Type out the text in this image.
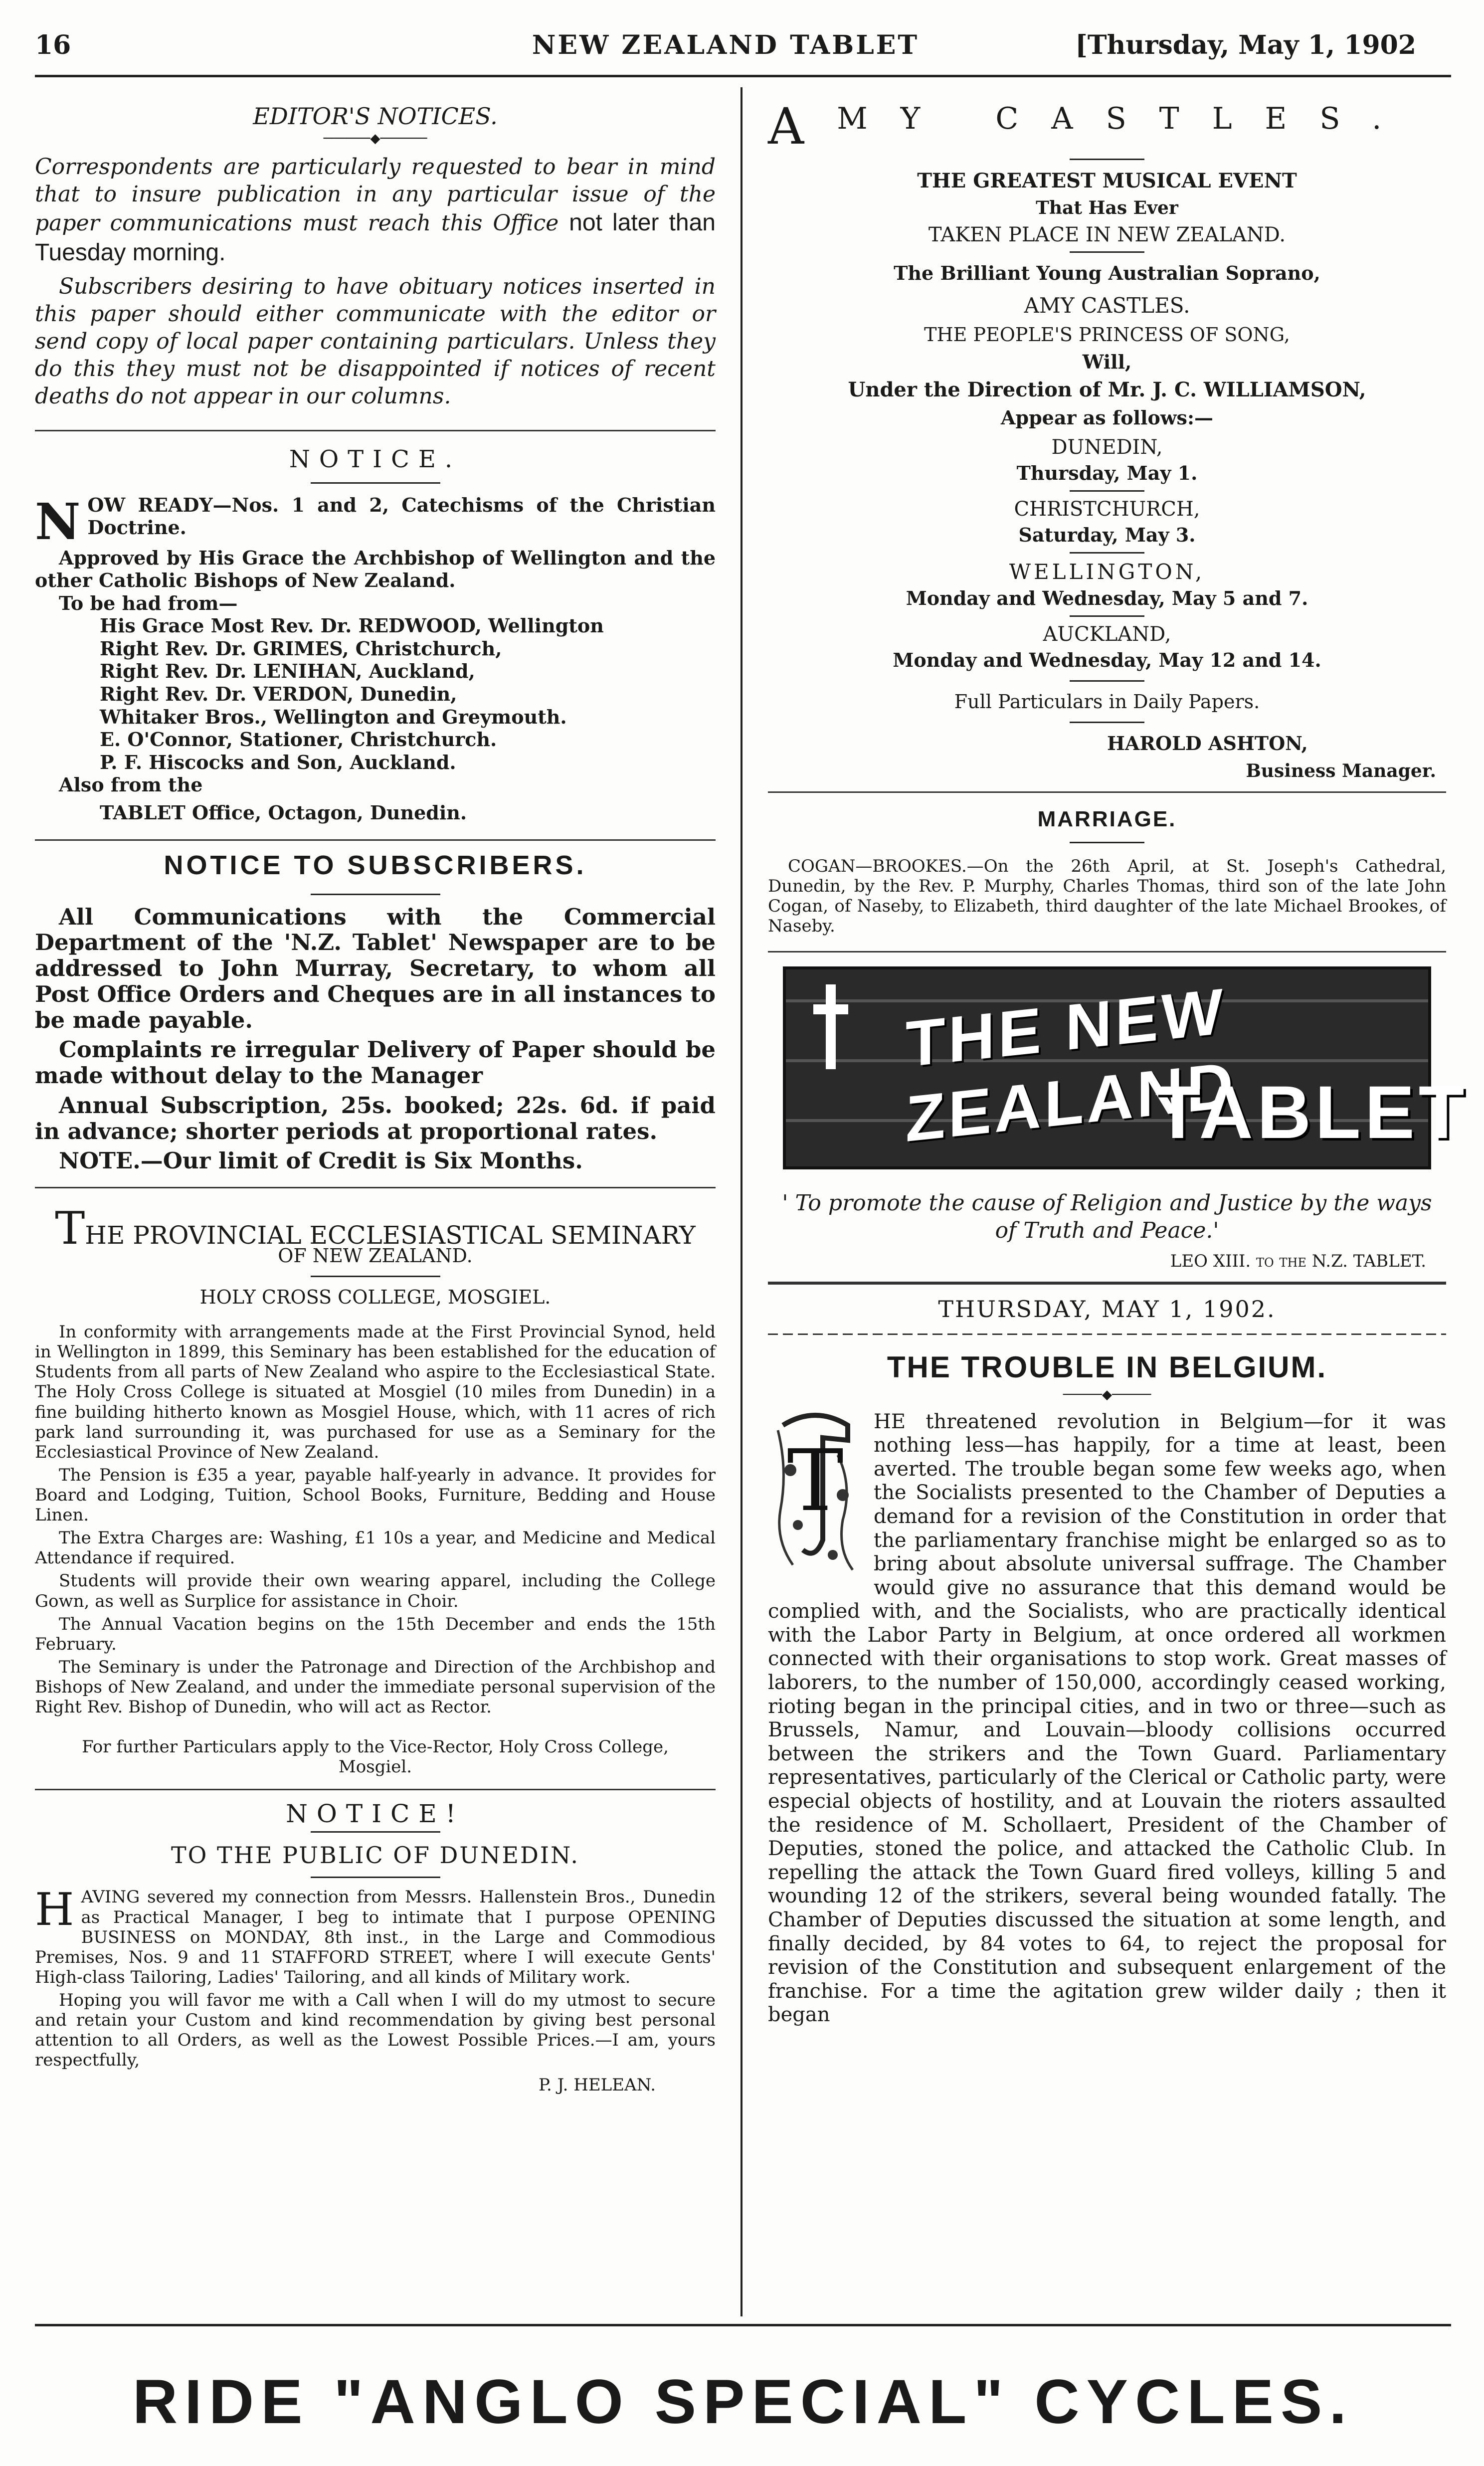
16	NEW ZEALAND TABLET	[Thursday, May 1, 1902

EDITOR'S NOTICES.

──────◆──────

Correspondents are particularly requested to bear in mind that to insure publication in any particular issue of the paper communications must reach this Office not later than Tuesday morning.

Subscribers desiring to have obituary notices inserted in this paper should either communicate with the editor or send copy of local paper containing particulars. Unless they do this they must not be disappointed if notices of recent deaths do not appear in our columns.

NOTICE.

N OW READY—Nos. 1 and 2, Catechisms of the Christian Doctrine.

Approved by His Grace the Archbishop of Wellington and the other Catholic Bishops of New Zealand.

To be had from—

His Grace Most Rev. Dr. REDWOOD, Wellington

Right Rev. Dr. GRIMES, Christchurch,

Right Rev. Dr. LENIHAN, Auckland,

Right Rev. Dr. VERDON, Dunedin,

Whitaker Bros., Wellington and Greymouth.

E. O'Connor, Stationer, Christchurch.

P. F. Hiscocks and Son, Auckland.

Also from the

TABLET Office, Octagon, Dunedin.

NOTICE TO SUBSCRIBERS.

All Communications with the Commercial Department of the 'N.Z. Tablet' Newspaper are to be addressed to John Murray, Secretary, to whom all Post Office Orders and Cheques are in all instances to be made payable.

Complaints re irregular Delivery of Paper should be made without delay to the Manager

Annual Subscription, 25s. booked; 22s. 6d. if paid in advance; shorter periods at proportional rates.

NOTE.—Our limit of Credit is Six Months.

THE PROVINCIAL ECCLESIASTICAL SEMINARY

OF NEW ZEALAND.

HOLY CROSS COLLEGE, MOSGIEL.

In conformity with arrangements made at the First Provincial Synod, held in Wellington in 1899, this Seminary has been established for the education of Students from all parts of New Zealand who aspire to the Ecclesiastical State. The Holy Cross College is situated at Mosgiel (10 miles from Dunedin) in a fine building hitherto known as Mosgiel House, which, with 11 acres of rich park land surrounding it, was purchased for use as a Seminary for the Ecclesiastical Province of New Zealand.

The Pension is £35 a year, payable half-yearly in advance. It provides for Board and Lodging, Tuition, School Books, Furniture, Bedding and House Linen.

The Extra Charges are: Washing, £1 10s a year, and Medicine and Medical Attendance if required.

Students will provide their own wearing apparel, including the College Gown, as well as Surplice for assistance in Choir.

The Annual Vacation begins on the 15th December and ends the 15th February.

The Seminary is under the Patronage and Direction of the Archbishop and Bishops of New Zealand, and under the immediate personal supervision of the Right Rev. Bishop of Dunedin, who will act as Rector.

For further Particulars apply to the Vice-Rector, Holy Cross College, Mosgiel.

NOTICE!

TO THE PUBLIC OF DUNEDIN.

H AVING severed my connection from Messrs. Hallenstein Bros., Dunedin as Practical Manager, I beg to intimate that I purpose OPENING BUSINESS on MONDAY, 8th inst., in the Large and Commodious Premises, Nos. 9 and 11 STAFFORD STREET, where I will execute Gents' High-class Tailoring, Ladies' Tailoring, and all kinds of Military work.

Hoping you will favor me with a Call when I will do my utmost to secure and retain your Custom and kind recommendation by giving best personal attention to all Orders, as well as the Lowest Possible Prices.—I am, yours respectfully,

P. J. HELEAN.

AMY CASTLES.

THE GREATEST MUSICAL EVENT

That Has Ever

TAKEN PLACE IN NEW ZEALAND.

The Brilliant Young Australian Soprano,

AMY CASTLES.

THE PEOPLE'S PRINCESS OF SONG,

Will,

Under the Direction of Mr. J. C. WILLIAMSON,

Appear as follows:—

DUNEDIN,

Thursday, May 1.

CHRISTCHURCH,

Saturday, May 3.

WELLINGTON,

Monday and Wednesday, May 5 and 7.

AUCKLAND,

Monday and Wednesday, May 12 and 14.

Full Particulars in Daily Papers.

HAROLD ASHTON,

Business Manager.

MARRIAGE.

COGAN—BROOKES.—On the 26th April, at St. Joseph's Cathedral, Dunedin, by the Rev. P. Murphy, Charles Thomas, third son of the late John Cogan, of Naseby, to Elizabeth, third daughter of the late Michael Brookes, of Naseby.

THE NEW ZEALAND
TABLET

' To promote the cause of Religion and Justice by the ways of Truth and Peace.'

LEO XIII. to the N.Z. TABLET.

THURSDAY, MAY 1, 1902.

THE TROUBLE IN BELGIUM.

─────◆─────
T
HE threatened revolution in Belgium—for it was nothing less—has happily, for a time at least, been averted. The trouble began some few weeks ago, when the Socialists presented to the Chamber of Deputies a demand for a revision of the Constitution in order that the parliamentary franchise might be enlarged so as to bring about absolute universal suffrage. The Chamber would give no assurance that this demand would be complied with, and the Socialists, who are practically identical with the Labor Party in Belgium, at once ordered all workmen connected with their organisations to stop work. Great masses of laborers, to the number of 150,000, accordingly ceased working, rioting began in the principal cities, and in two or three—such as Brussels, Namur, and Louvain—bloody collisions occurred between the strikers and the Town Guard. Parliamentary representatives, particularly of the Clerical or Catholic party, were especial objects of hostility, and at Louvain the rioters assaulted the residence of M. Schollaert, President of the Chamber of Deputies, stoned the police, and attacked the Catholic Club. In repelling the attack the Town Guard fired volleys, killing 5 and wounding 12 of the strikers, several being wounded fatally. The Chamber of Deputies discussed the situation at some length, and finally decided, by 84 votes to 64, to reject the proposal for revision of the Constitution and subsequent enlargement of the franchise. For a time the agitation grew wilder daily ; then it began
RIDE "ANGLO SPECIAL" CYCLES.
